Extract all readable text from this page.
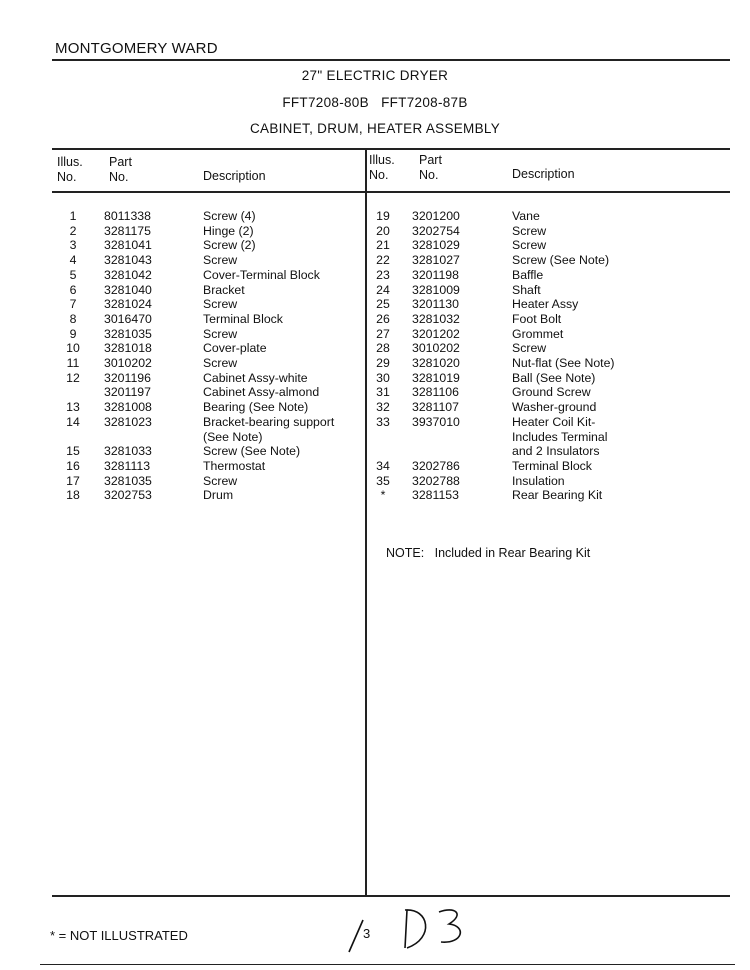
MONTGOMERY WARD
27" ELECTRIC DRYER
FFT7208-80B   FFT7208-87B
CABINET, DRUM, HEATER ASSEMBLY
Illus.
No.
Part
No.	Description
Illus.
No.
Part
No.	Description
1	8011338	Screw (4)
2	3281175	Hinge (2)
3	3281041	Screw (2)
4	3281043	Screw
5	3281042	Cover-Terminal Block
6	3281040	Bracket
7	3281024	Screw
8	3016470	Terminal Block
9	3281035	Screw
10	3281018	Cover-plate
11	3010202	Screw
12	3201196	Cabinet Assy-white
3201197	Cabinet Assy-almond
13	3281008	Bearing (See Note)
14	3281023	Bracket-bearing support
(See Note)
15	3281033	Screw (See Note)
16	3281113	Thermostat
17	3281035	Screw
18	3202753	Drum
19	3201200	Vane
20	3202754	Screw
21	3281029	Screw
22	3281027	Screw (See Note)
23	3201198	Baffle
24	3281009	Shaft
25	3201130	Heater Assy
26	3281032	Foot Bolt
27	3201202	Grommet
28	3010202	Screw
29	3281020	Nut-flat (See Note)
30	3281019	Ball (See Note)
31	3281106	Ground Screw
32	3281107	Washer-ground
33	3937010	Heater Coil Kit-
Includes Terminal
and 2 Insulators
34	3202786	Terminal Block
35	3202788	Insulation
*	3281153	Rear Bearing Kit
NOTE:   Included in Rear Bearing Kit
* = NOT ILLUSTRATED	3
